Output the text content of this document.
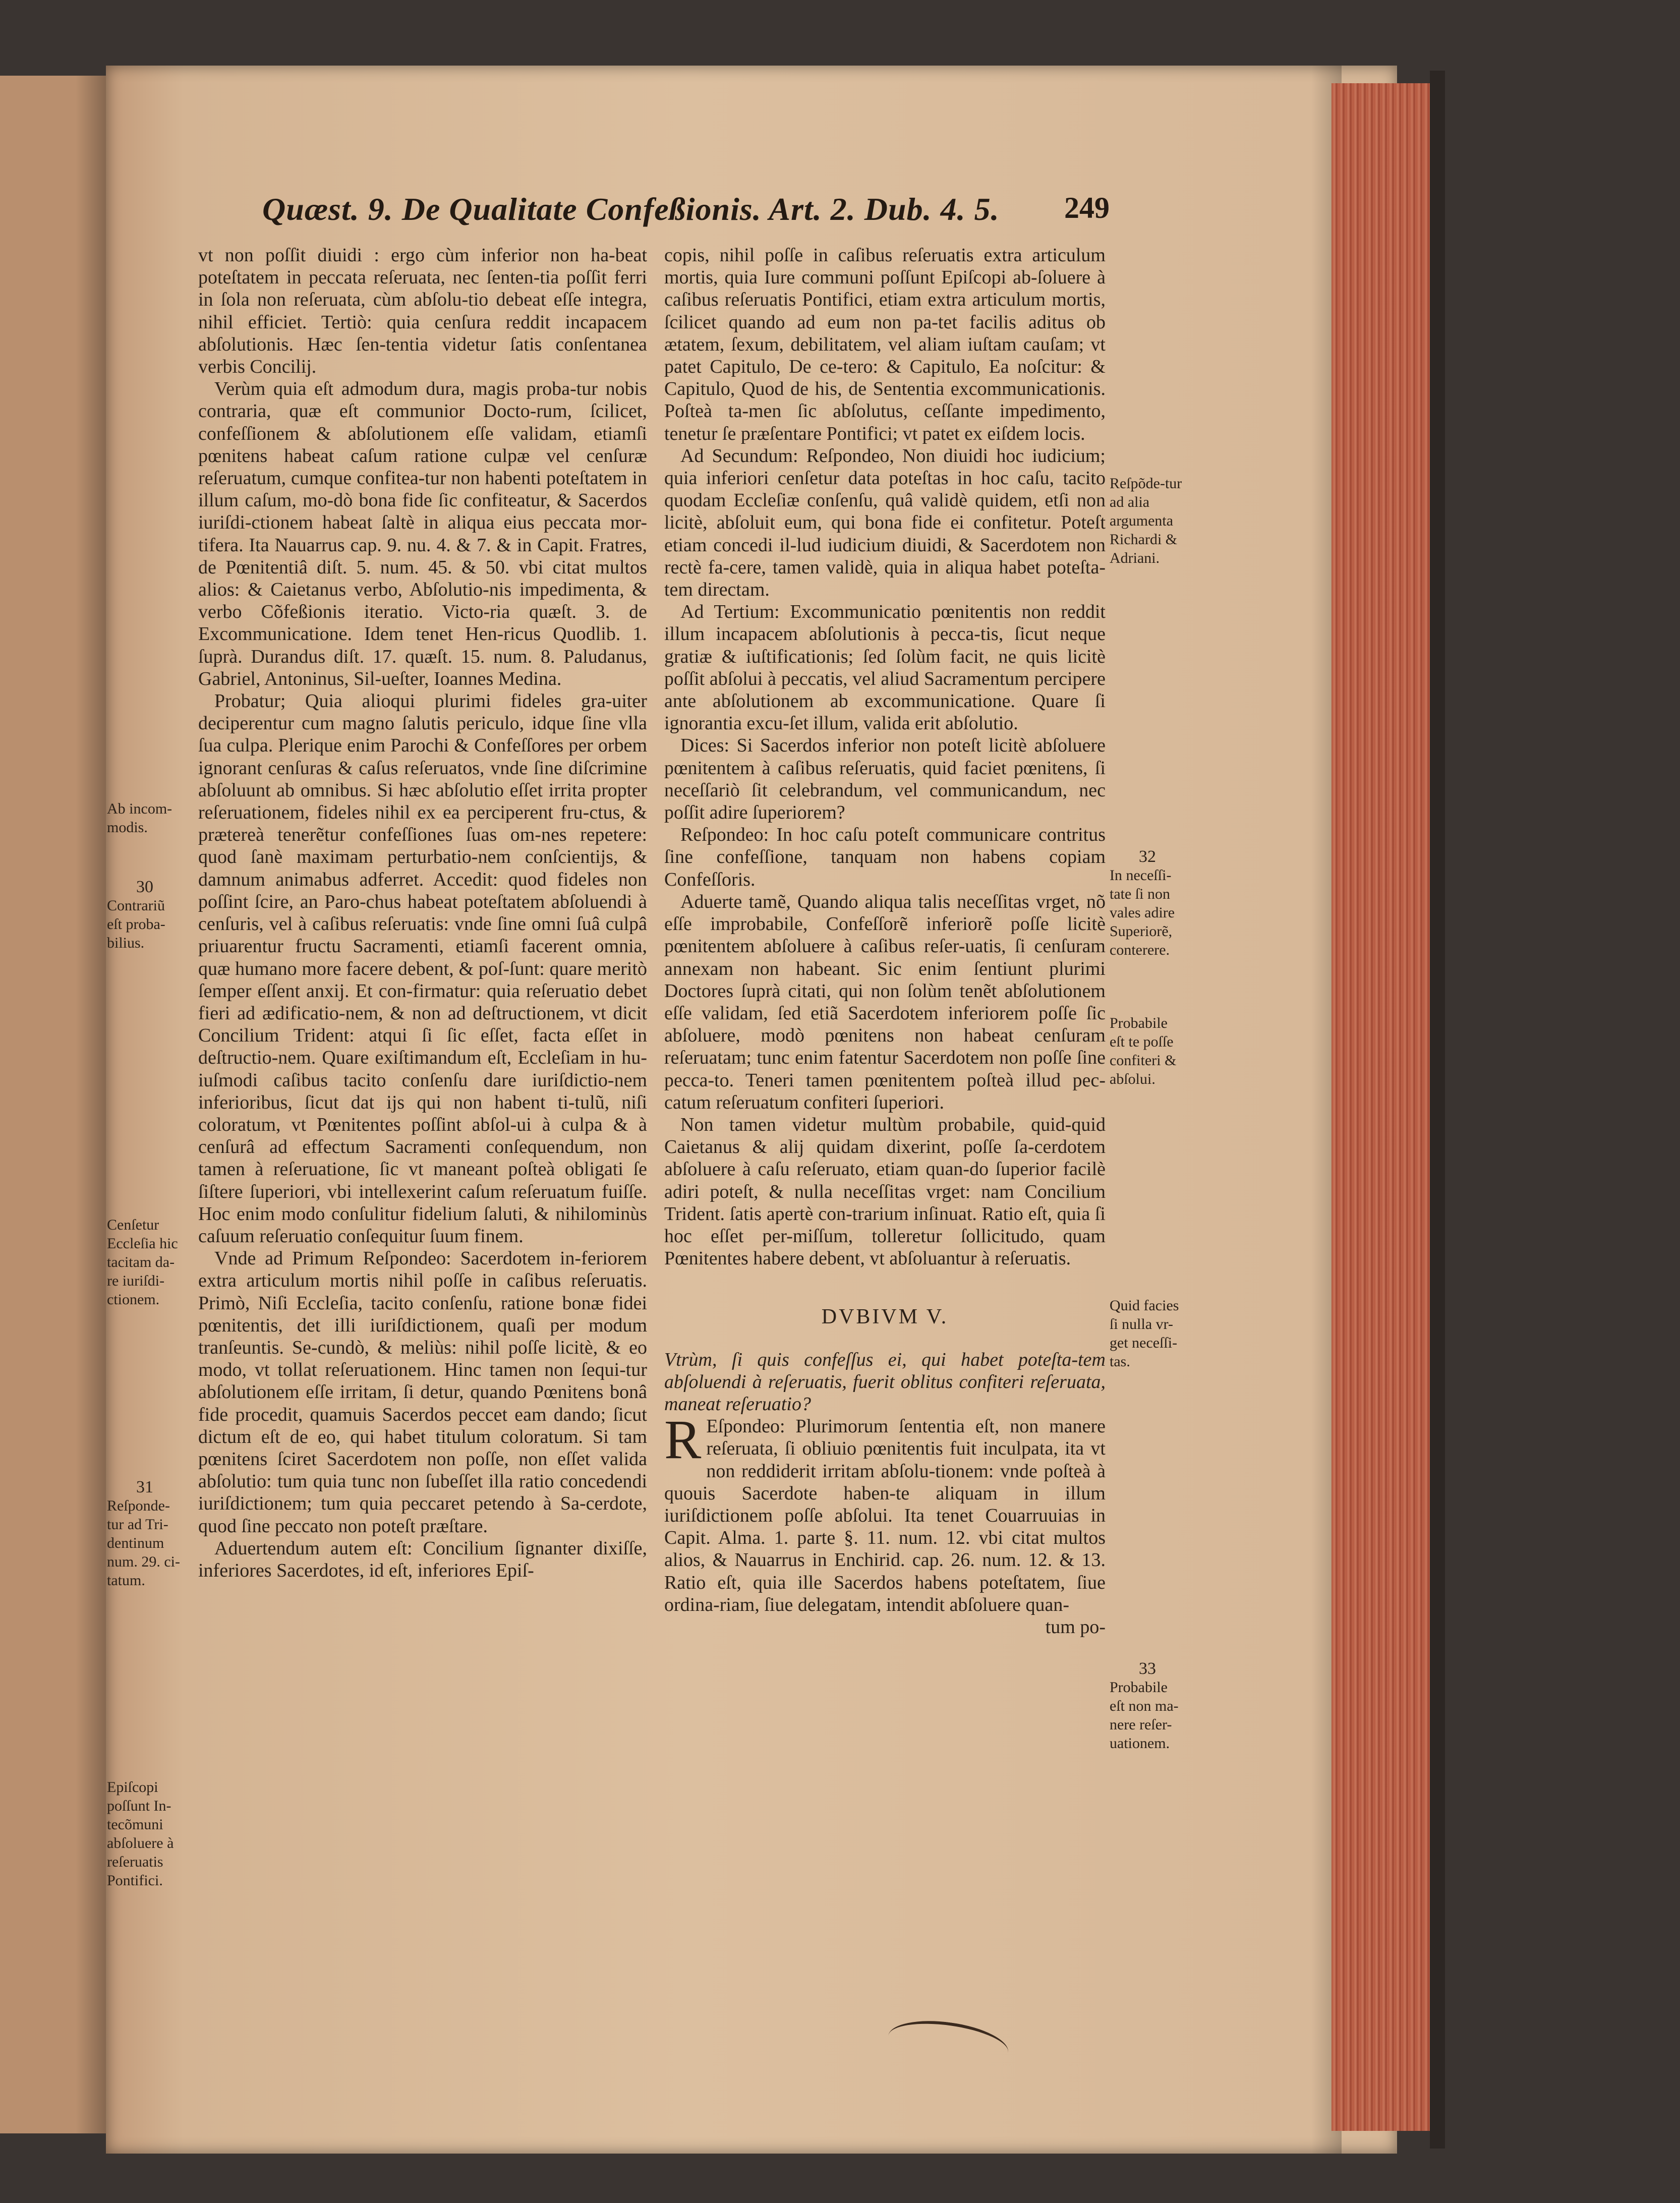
Quæst. 9. De Qualitate Confeßionis. Art. 2. Dub. 4. 5. 249

vt non poſſit diuidi : ergo cùm inferior non ha-beat poteſtatem in peccata reſeruata, nec ſenten-tia poſſit ferri in ſola non reſeruata, cùm abſolu-tio debeat eſſe integra, nihil efficiet. Tertiò: quia cenſura reddit incapacem abſolutionis. Hæc ſen-tentia videtur ſatis conſentanea verbis Concilij.

Verùm quia eſt admodum dura, magis proba-tur nobis contraria, quæ eſt communior Docto-rum, ſcilicet, confeſſionem & abſolutionem eſſe validam, etiamſi pœnitens habeat caſum ratione culpæ vel cenſuræ reſeruatum, cumque confitea-tur non habenti poteſtatem in illum caſum, mo-dò bona fide ſic confiteatur, & Sacerdos iuriſdi-ctionem habeat ſaltè in aliqua eius peccata mor-tifera. Ita Nauarrus cap. 9. nu. 4. & 7. & in Capit. Fratres, de Pœnitentiâ diſt. 5. num. 45. & 50. vbi citat multos alios: & Caietanus verbo, Abſolutio-nis impedimenta, & verbo Cõfeßionis iteratio. Victo-ria quæſt. 3. de Excommunicatione. Idem tenet Hen-ricus Quodlib. 1. ſuprà. Durandus diſt. 17. quæſt. 15. num. 8. Paludanus, Gabriel, Antoninus, Sil-ueſter, Ioannes Medina.

Probatur; Quia alioqui plurimi fideles gra-uiter deciperentur cum magno ſalutis periculo, idque ſine vlla ſua culpa. Plerique enim Parochi & Confeſſores per orbem ignorant cenſuras & caſus reſeruatos, vnde ſine diſcrimine abſoluunt ab omnibus. Si hæc abſolutio eſſet irrita propter reſeruationem, fideles nihil ex ea perciperent fru-ctus, & prætereà tenerẽtur confeſſiones ſuas om-nes repetere: quod ſanè maximam perturbatio-nem conſcientijs, & damnum animabus adferret. Accedit: quod fideles non poſſint ſcire, an Paro-chus habeat poteſtatem abſoluendi à cenſuris, vel à caſibus reſeruatis: vnde ſine omni ſuâ culpâ priuarentur fructu Sacramenti, etiamſi facerent omnia, quæ humano more facere debent, & poſ-ſunt: quare meritò ſemper eſſent anxij. Et con-firmatur: quia reſeruatio debet fieri ad ædificatio-nem, & non ad deſtructionem, vt dicit Concilium Trident: atqui ſi ſic eſſet, facta eſſet in deſtructio-nem. Quare exiſtimandum eſt, Eccleſiam in hu-iuſmodi caſibus tacito conſenſu dare iuriſdictio-nem inferioribus, ſicut dat ijs qui non habent ti-tulũ, niſi coloratum, vt Pœnitentes poſſint abſol-ui à culpa & à cenſurâ ad effectum Sacramenti conſequendum, non tamen à reſeruatione, ſic vt maneant poſteà obligati ſe ſiſtere ſuperiori, vbi intellexerint caſum reſeruatum fuiſſe. Hoc enim modo conſulitur fidelium ſaluti, & nihilominùs caſuum reſeruatio conſequitur ſuum finem.

Vnde ad Primum Reſpondeo: Sacerdotem in-feriorem extra articulum mortis nihil poſſe in caſibus reſeruatis. Primò, Niſi Eccleſia, tacito conſenſu, ratione bonæ fidei pœnitentis, det illi iuriſdictionem, quaſi per modum tranſeuntis. Se-cundò, & meliùs: nihil poſſe licitè, & eo modo, vt tollat reſeruationem. Hinc tamen non ſequi-tur abſolutionem eſſe irritam, ſi detur, quando Pœnitens bonâ fide procedit, quamuis Sacerdos peccet eam dando; ſicut dictum eſt de eo, qui habet titulum coloratum. Si tam pœnitens ſciret Sacerdotem non poſſe, non eſſet valida abſolutio: tum quia tunc non ſubeſſet illa ratio concedendi iuriſdictionem; tum quia peccaret petendo à Sa-cerdote, quod ſine peccato non poteſt præſtare.

Aduertendum autem eſt: Concilium ſignanter dixiſſe, inferiores Sacerdotes, id eſt, inferiores Epiſ-

copis, nihil poſſe in caſibus reſeruatis extra articulum mortis, quia Iure communi poſſunt Epiſcopi ab-ſoluere à caſibus reſeruatis Pontifici, etiam extra articulum mortis, ſcilicet quando ad eum non pa-tet facilis aditus ob ætatem, ſexum, debilitatem, vel aliam iuſtam cauſam; vt patet Capitulo, De ce-tero: & Capitulo, Ea noſcitur: & Capitulo, Quod de his, de Sententia excommunicationis. Poſteà ta-men ſic abſolutus, ceſſante impedimento, tenetur ſe præſentare Pontifici; vt patet ex eiſdem locis.

Ad Secundum: Reſpondeo, Non diuidi hoc iudicium; quia inferiori cenſetur data poteſtas in hoc caſu, tacito quodam Eccleſiæ conſenſu, quâ validè quidem, etſi non licitè, abſoluit eum, qui bona fide ei confitetur. Poteſt etiam concedi il-lud iudicium diuidi, & Sacerdotem non rectè fa-cere, tamen validè, quia in aliqua habet poteſta-tem directam.

Ad Tertium: Excommunicatio pœnitentis non reddit illum incapacem abſolutionis à pecca-tis, ſicut neque gratiæ & iuſtificationis; ſed ſolùm facit, ne quis licitè poſſit abſolui à peccatis, vel aliud Sacramentum percipere ante abſolutionem ab excommunicatione. Quare ſi ignorantia excu-ſet illum, valida erit abſolutio.

Dices: Si Sacerdos inferior non poteſt licitè abſoluere pœnitentem à caſibus reſeruatis, quid faciet pœnitens, ſi neceſſariò ſit celebrandum, vel communicandum, nec poſſit adire ſuperiorem?

Reſpondeo: In hoc caſu poteſt communicare contritus ſine confeſſione, tanquam non habens copiam Confeſſoris.

Aduerte tamẽ, Quando aliqua talis neceſſitas vrget, nõ eſſe improbabile, Confeſſorẽ inferiorẽ poſſe licitè pœnitentem abſoluere à caſibus reſer-uatis, ſi cenſuram annexam non habeant. Sic enim ſentiunt plurimi Doctores ſuprà citati, qui non ſolùm tenẽt abſolutionem eſſe validam, ſed etiã Sacerdotem inferiorem poſſe ſic abſoluere, modò pœnitens non habeat cenſuram reſeruatam; tunc enim fatentur Sacerdotem non poſſe ſine pecca-to. Teneri tamen pœnitentem poſteà illud pec-catum reſeruatum confiteri ſuperiori.

Non tamen videtur multùm probabile, quid-quid Caietanus & alij quidam dixerint, poſſe ſa-cerdotem abſoluere à caſu reſeruato, etiam quan-do ſuperior facilè adiri poteſt, & nulla neceſſitas vrget: nam Concilium Trident. ſatis apertè con-trarium inſinuat. Ratio eſt, quia ſi hoc eſſet per-miſſum, tolleretur ſollicitudo, quam Pœnitentes habere debent, vt abſoluantur à reſeruatis.

DVBIVM V.

Vtrùm, ſi quis confeſſus ei, qui habet poteſta-tem abſoluendi à reſeruatis, fuerit oblitus confiteri reſeruata, maneat reſeruatio?

R Eſpondeo: Plurimorum ſententia eſt, non manere reſeruata, ſi obliuio pœnitentis fuit inculpata, ita vt non reddiderit irritam abſolu-tionem: vnde poſteà à quouis Sacerdote haben-te aliquam in illum iuriſdictionem poſſe abſolui. Ita tenet Couarruuias in Capit. Alma. 1. parte §. 11. num. 12. vbi citat multos alios, & Nauarrus in Enchirid. cap. 26. num. 12. & 13. Ratio eſt, quia ille Sacerdos habens poteſtatem, ſiue ordina-riam, ſiue delegatam, intendit abſoluere quan-

tum po-

30
Contrariũ eſt proba-bilius.
Ab incom-modis.
Cenſetur Eccleſia hic tacitam da-re iuriſdi-ctionem.
31
Reſponde-tur ad Tri-dentinum num. 29. ci-tatum.
Epiſcopi poſſunt In-tecõmuni abſoluere à reſeruatis Pontifici.
Reſpõde-tur ad alia argumenta Richardi & Adriani.
32
In neceſſi-tate ſi non vales adire Superiorẽ, conterere.
Probabile eſt te poſſe confiteri & abſolui.
Quid facies ſi nulla vr-get neceſſi-tas.
33
Probabile eſt non ma-nere reſer-uationem.
